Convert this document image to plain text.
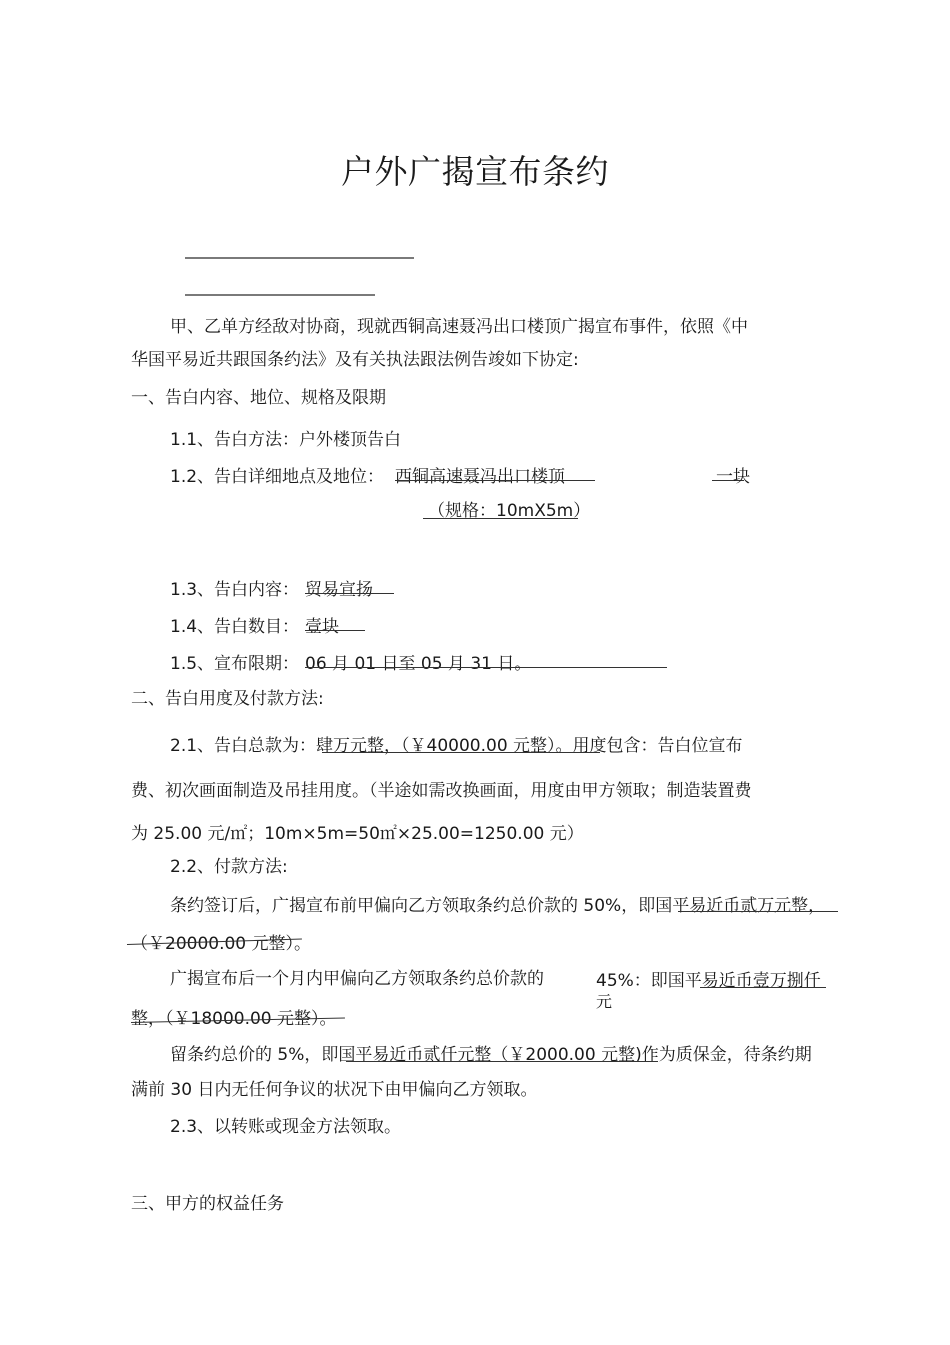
户外广揭宣布条约
甲、乙单方经敌对协商，现就西铜高速聂冯出口楼顶广揭宣布事件，依照《中
华国平易近共跟国条约法》及有关执法跟法例告竣如下协定:
一、告白内容、地位、规格及限期
1.1、告白方法：户外楼顶告白
1.2、告白详细地点及地位： 西铜高速聂冯出口楼顶	一块
（规格：10mX5m）
1.3、告白内容： 贸易宣扬
1.4、告白数目： 壹块
1.5、宣布限期： 06 月 01 日至 05 月 31 日。
二、告白用度及付款方法:
2.1、告白总款为：肆万元整，（￥40000.00 元整）。用度包含：告白位宣布
费、初次画面制造及吊挂用度。（半途如需改换画面，用度由甲方领取；制造装置费
为 25.00 元/㎡；10m×5m=50㎡×25.00=1250.00 元）
2.2、付款方法:
条约签订后，广揭宣布前甲偏向乙方领取条约总价款的 50%，即国平易近币贰万元整，
（￥20000.00 元整）。
广揭宣布后一个月内甲偏向乙方领取条约总价款的	45%：即国平易近币壹万捌仟
元
整，（￥18000.00 元整）。
留条约总价的 5%，即国平易近币贰仟元整（￥2000.00 元整)作为质保金，待条约期
满前 30 日内无任何争议的状况下由甲偏向乙方领取。
2.3、以转账或现金方法领取。
三、甲方的权益任务
